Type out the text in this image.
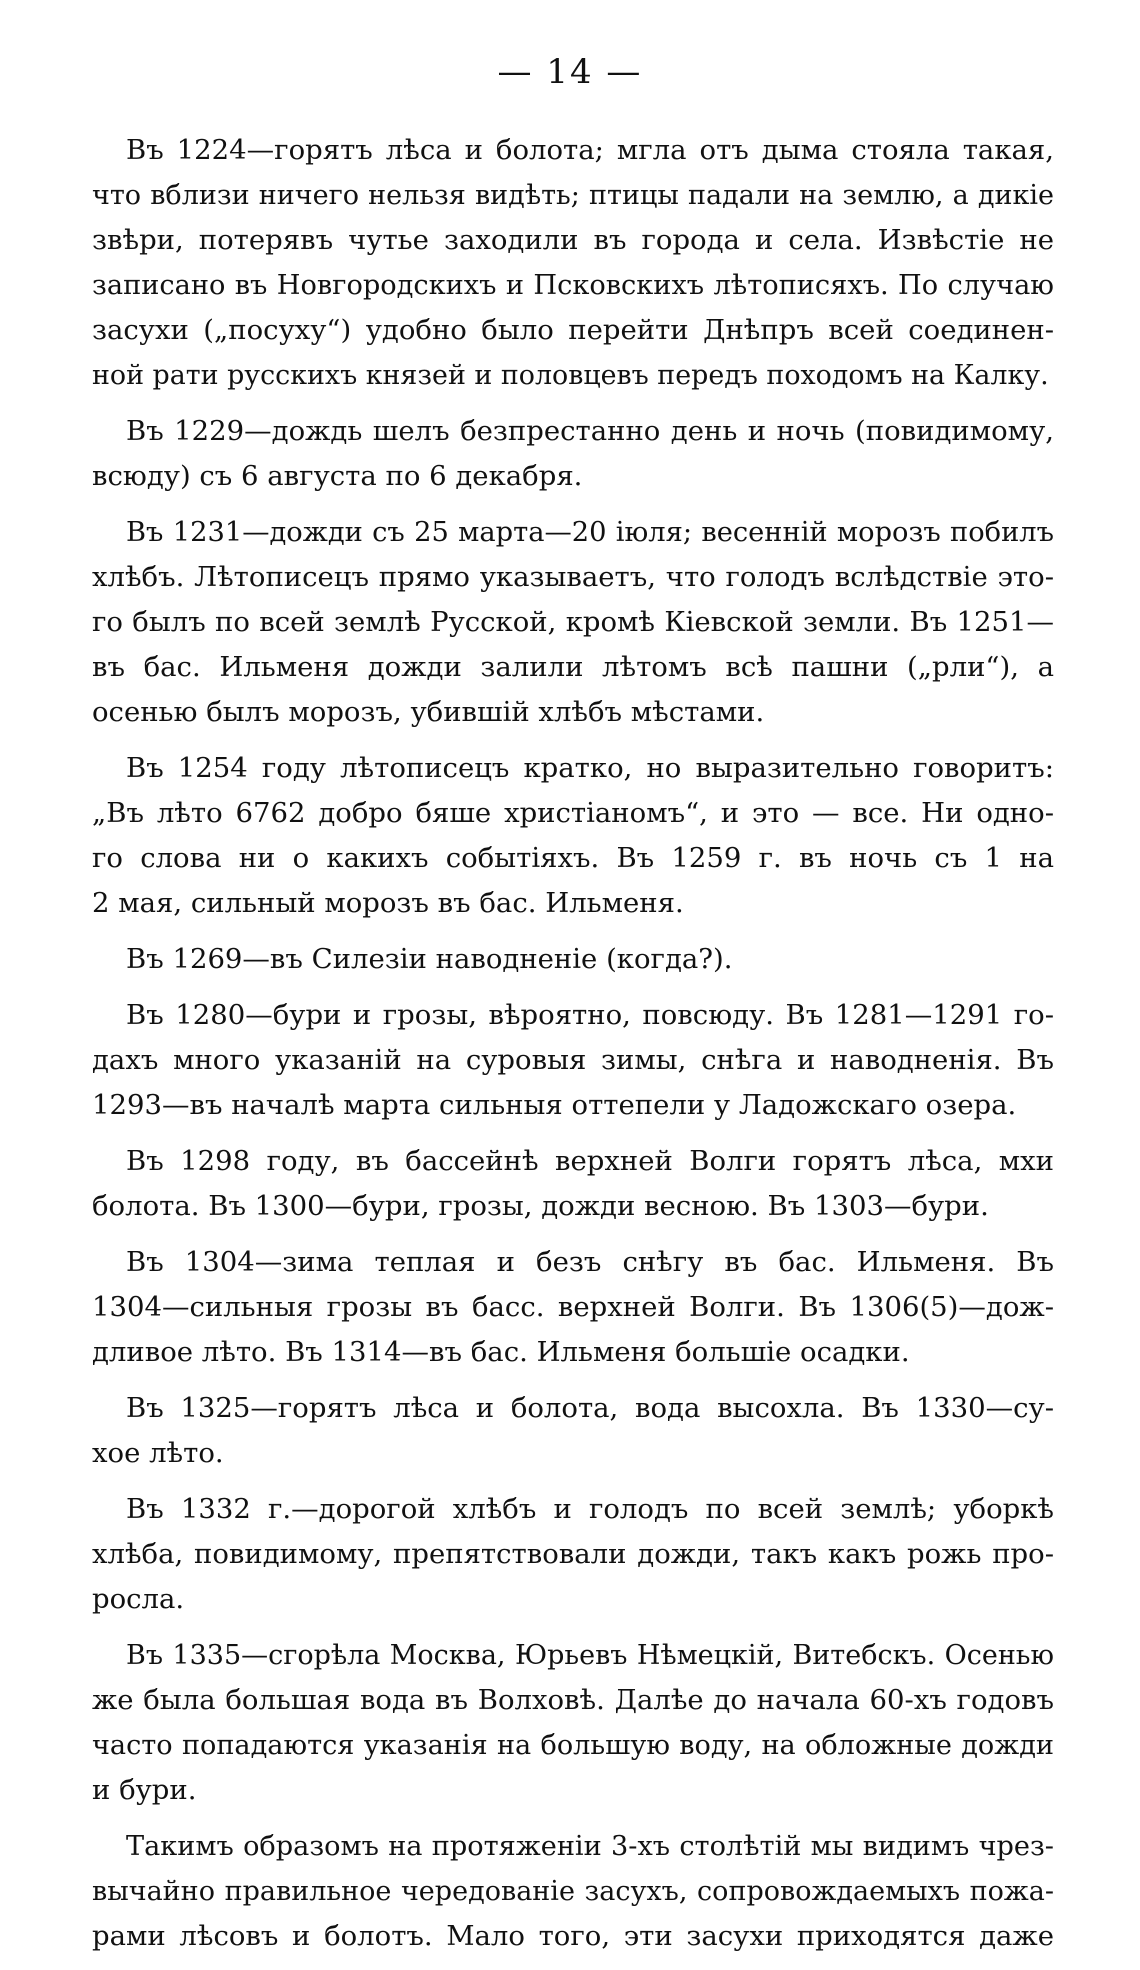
— 14 —
Въ 1224—горятъ лѣса и болота; мгла отъ дыма стояла такая,
что вблизи ничего нельзя видѣть; птицы падали на землю, а дикіе
звѣри, потерявъ чутье заходили въ города и села. Извѣстіе не
записано въ Новгородскихъ и Псковскихъ лѣтописяхъ. По случаю
засухи („посуху“) удобно было перейти Днѣпръ всей соединен-
ной рати русскихъ князей и половцевъ передъ походомъ на Калку.
Въ 1229—дождь шелъ безпрестанно день и ночь (повидимому,
всюду) съ 6 августа по 6 декабря.
Въ 1231—дожди съ 25 марта—20 іюля; весенній морозъ побилъ
хлѣбъ. Лѣтописецъ прямо указываетъ, что голодъ вслѣдствіе это-
го былъ по всей землѣ Русской, кромѣ Кіевской земли. Въ 1251—
въ бас. Ильменя дожди залили лѣтомъ всѣ пашни („рли“), а
осенью былъ морозъ, убившій хлѣбъ мѣстами.
Въ 1254 году лѣтописецъ кратко, но выразительно говоритъ:
„Въ лѣто 6762 добро бяше христіаномъ“, и это — все. Ни одно-
го слова ни о какихъ событіяхъ. Въ 1259 г. въ ночь съ 1 на
2 мая, сильный морозъ въ бас. Ильменя.
Въ 1269—въ Силезіи наводненіе (когда?).
Въ 1280—бури и грозы, вѣроятно, повсюду. Въ 1281—1291 го-
дахъ много указаній на суровыя зимы, снѣга и наводненія. Въ
1293—въ началѣ марта сильныя оттепели у Ладожскаго озера.
Въ 1298 году, въ бассейнѣ верхней Волги горятъ лѣса, мхи
болота. Въ 1300—бури, грозы, дожди весною. Въ 1303—бури.
Въ 1304—зима теплая и безъ снѣгу въ бас. Ильменя. Въ
1304—сильныя грозы въ басс. верхней Волги. Въ 1306(5)—дож-
дливое лѣто. Въ 1314—въ бас. Ильменя большіе осадки.
Въ 1325—горятъ лѣса и болота, вода высохла. Въ 1330—су-
хое лѣто.
Въ 1332 г.—дорогой хлѣбъ и голодъ по всей землѣ; уборкѣ
хлѣба, повидимому, препятствовали дожди, такъ какъ рожь про-
росла.
Въ 1335—сгорѣла Москва, Юрьевъ Нѣмецкій, Витебскъ. Осенью
же была большая вода въ Волховѣ. Далѣе до начала 60-хъ годовъ
часто попадаются указанія на большую воду, на обложные дожди
и бури.
Такимъ образомъ на протяженіи 3-хъ столѣтій мы видимъ чрез-
вычайно правильное чередованіе засухъ, сопровождаемыхъ пожа-
рами лѣсовъ и болотъ. Мало того, эти засухи приходятся даже
